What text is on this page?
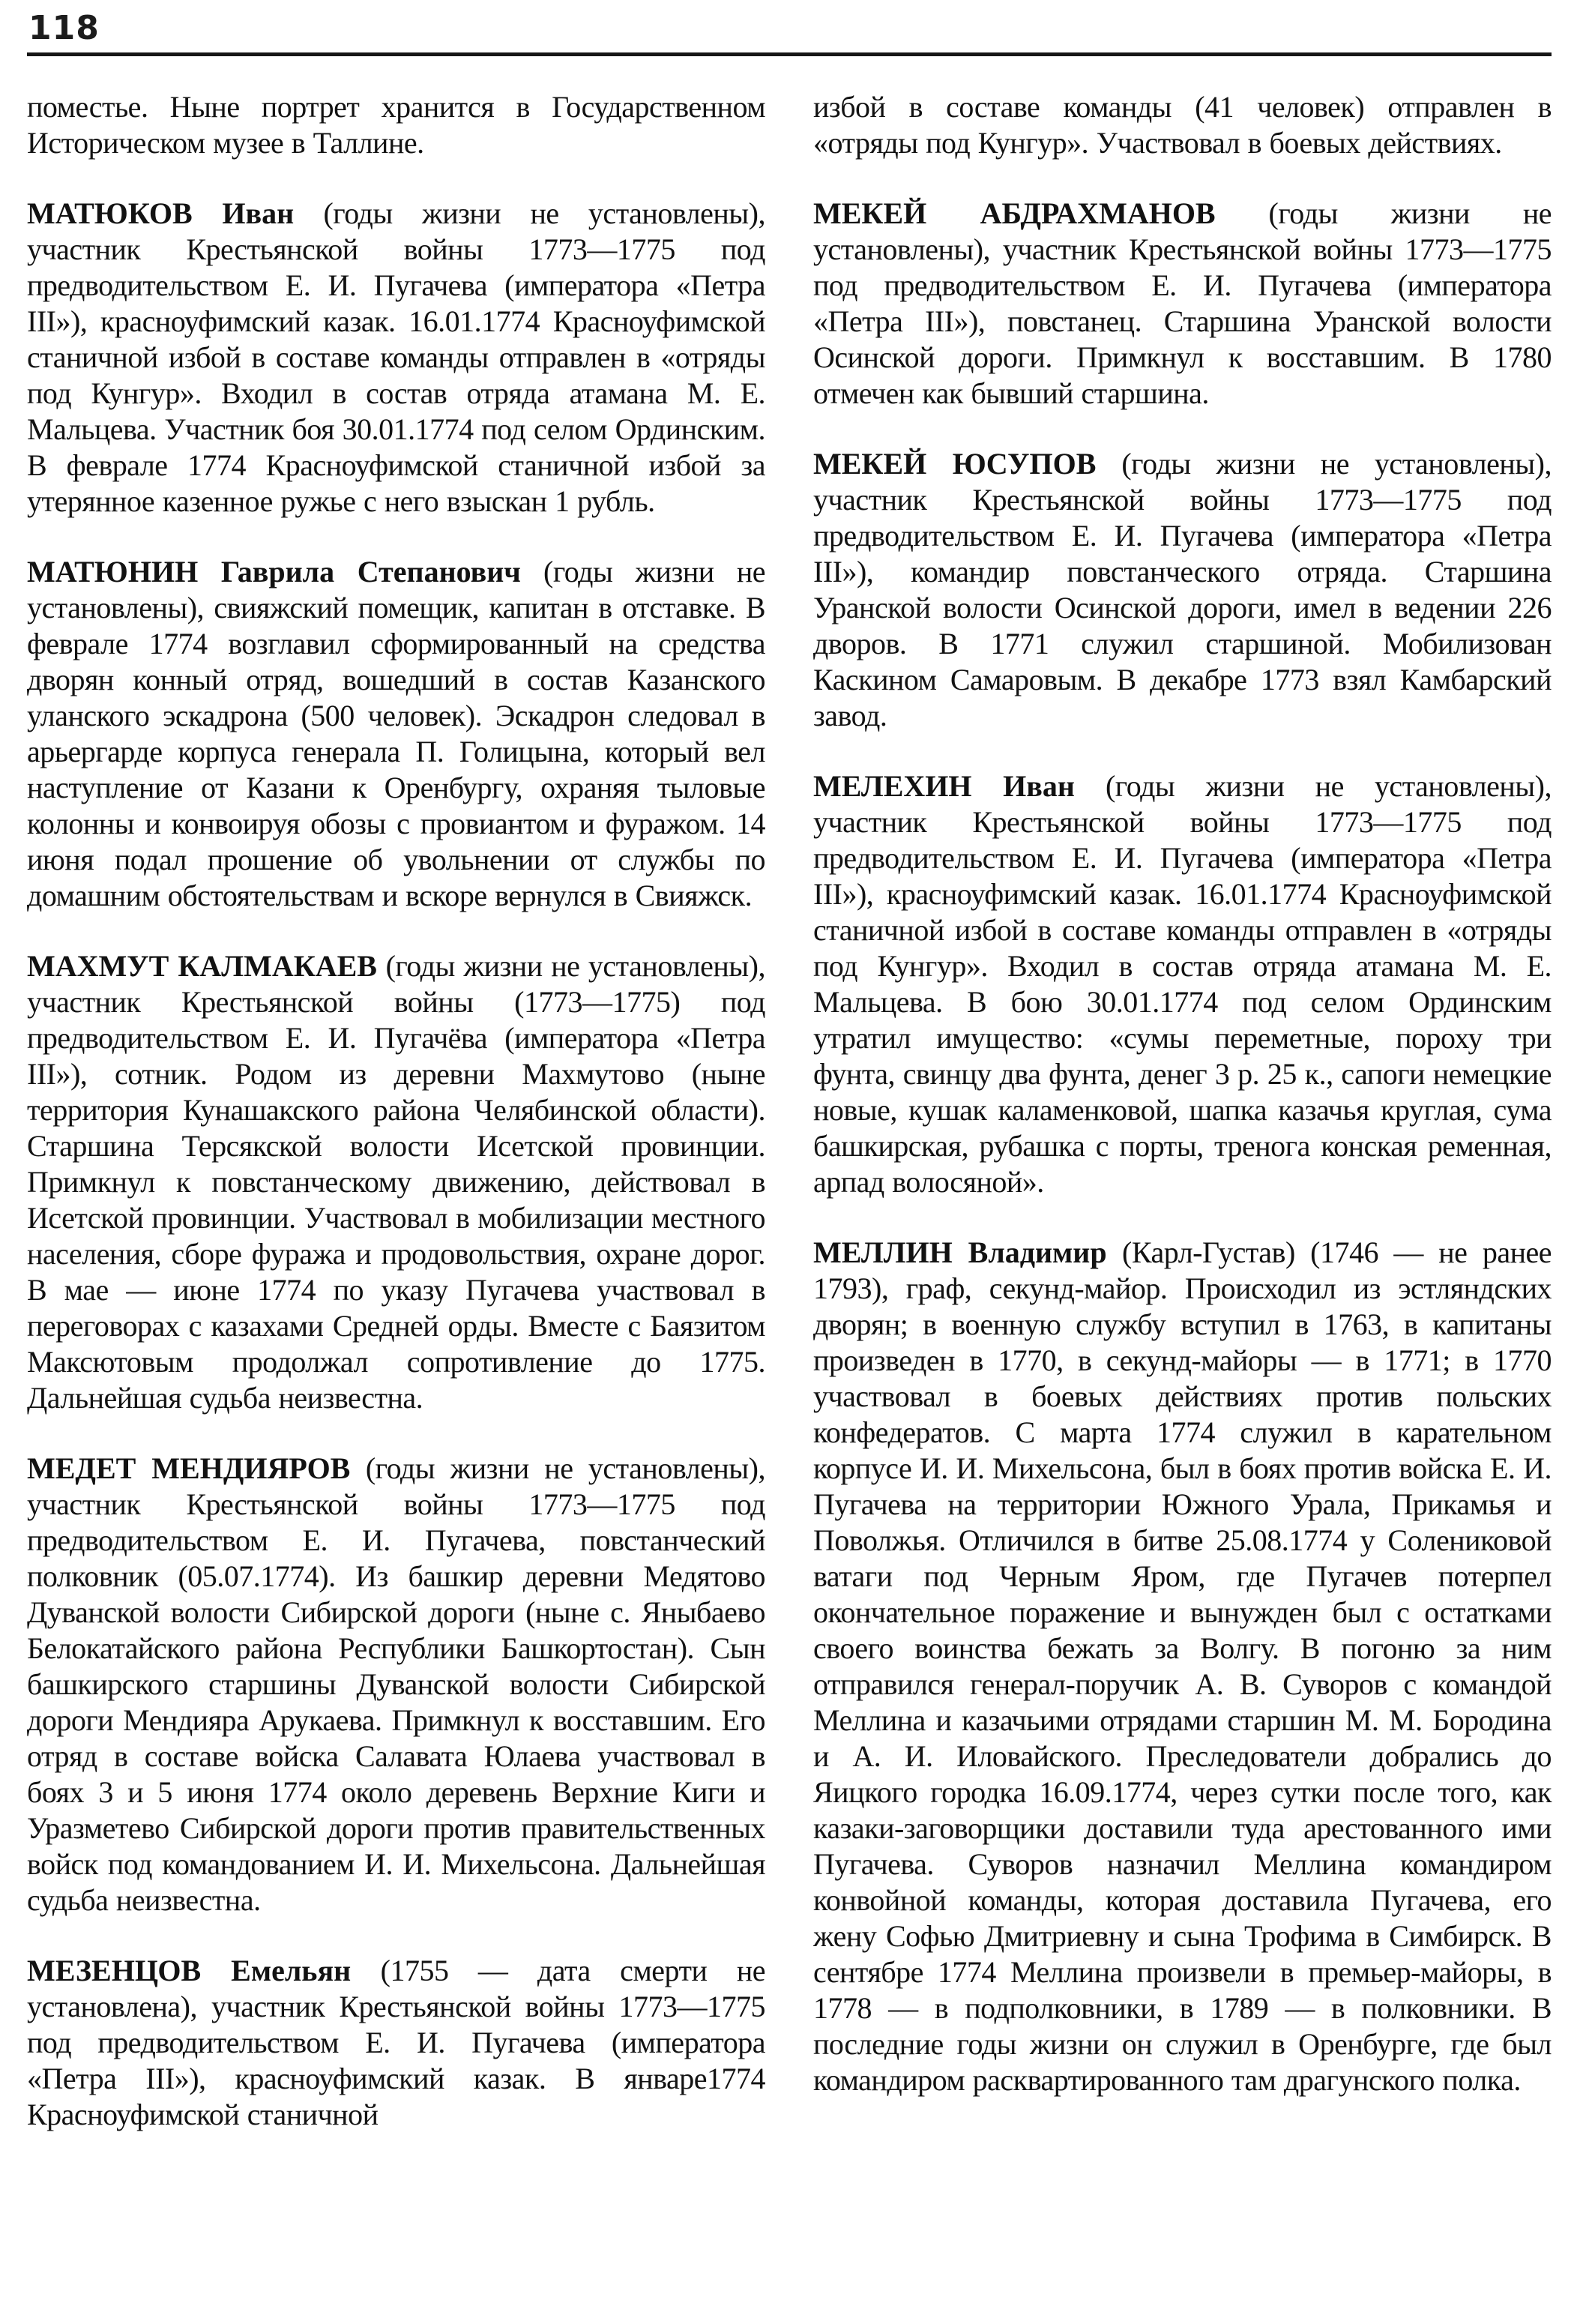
118

поместье. Ныне портрет хранится в Государственном Историческом музее в Таллине.

МАТЮКОВ Иван (годы жизни не установлены), участник Крестьянской войны 1773—1775 под предводительством Е. И. Пугачева (императора «Петра III»), красноуфимский казак. 16.01.1774 Красноуфимской станичной избой в составе команды отправлен в «отряды под Кунгур». Входил в состав отряда атамана М. Е. Мальцева. Участник боя 30.01.1774 под селом Ординским. В феврале 1774 Красноуфимской станичной избой за утерянное казенное ружье с него взыскан 1 рубль.

МАТЮНИН Гаврила Степанович (годы жизни не установлены), свияжский помещик, капитан в отставке. В феврале 1774 возглавил сформированный на средства дворян конный отряд, вошедший в состав Казанского уланского эскадрона (500 человек). Эскадрон следовал в арьергарде корпуса генерала П. Голицына, который вел наступление от Казани к Оренбургу, охраняя тыловые колонны и конвоируя обозы с провиантом и фуражом. 14 июня подал прошение об увольнении от службы по домашним обстоятельствам и вскоре вернулся в Свияжск.

МАХМУТ КАЛМАКАЕВ (годы жизни не установлены), участник Крестьянской войны (1773—1775) под предводительством Е. И. Пугачёва (императора «Петра III»), сотник. Родом из деревни Махмутово (ныне территория Кунашакского района Челябинской области). Старшина Терсякской волости Исетской провинции. Примкнул к повстанческому движению, действовал в Исетской провинции. Участвовал в мобилизации местного населения, сборе фуража и продовольствия, охране дорог. В мае — июне 1774 по указу Пугачева участвовал в переговорах с казахами Средней орды. Вместе с Баязитом Максютовым продолжал сопротивление до 1775. Дальнейшая судьба неизвестна.

МЕДЕТ МЕНДИЯРОВ (годы жизни не установлены), участник Крестьянской войны 1773—1775 под предводительством Е. И. Пугачева, повстанческий полковник (05.07.1774). Из башкир деревни Медятово Дуванской волости Сибирской дороги (ныне с. Яныбаево Белокатайского района Республики Башкортостан). Сын башкирского старшины Дуванской волости Сибирской дороги Мендияра Арукаева. Примкнул к восставшим. Его отряд в составе войска Салавата Юлаева участвовал в боях 3 и 5 июня 1774 около деревень Верхние Киги и Уразметево Сибирской дороги против правительственных войск под командованием И. И. Михельсона. Дальнейшая судьба неизвестна.

МЕЗЕНЦОВ Емельян (1755 — дата смерти не установлена), участник Крестьянской войны 1773—1775 под предводительством Е. И. Пугачева (императора «Петра III»), красноуфимский казак. В январе1774 Красноуфимской станичной

избой в составе команды (41 человек) отправлен в «отряды под Кунгур». Участвовал в боевых действиях.

МЕКЕЙ АБДРАХМАНОВ (годы жизни не установлены), участник Крестьянской войны 1773—1775 под предводительством Е. И. Пугачева (императора «Петра III»), повстанец. Старшина Уранской волости Осинской дороги. Примкнул к восставшим. В 1780 отмечен как бывший старшина.

МЕКЕЙ ЮСУПОВ (годы жизни не установлены), участник Крестьянской войны 1773—1775 под предводительством Е. И. Пугачева (императора «Петра III»), командир повстанческого отряда. Старшина Уранской волости Осинской дороги, имел в ведении 226 дворов. В 1771 служил старшиной. Мобилизован Каскином Самаровым. В декабре 1773 взял Камбарский завод.

МЕЛЕХИН Иван (годы жизни не установлены), участник Крестьянской войны 1773—1775 под предводительством Е. И. Пугачева (императора «Петра III»), красноуфимский казак. 16.01.1774 Красноуфимской станичной избой в составе команды отправлен в «отряды под Кунгур». Входил в состав отряда атамана М. Е. Мальцева. В бою 30.01.1774 под селом Ординским утратил имущество: «сумы переметные, пороху три фунта, свинцу два фунта, денег 3 р. 25 к., сапоги немецкие новые, кушак каламенковой, шапка казачья круглая, сума башкирская, рубашка с порты, тренога конская ременная, арпад волосяной».

МЕЛЛИН Владимир (Карл-Густав) (1746 — не ранее 1793), граф, секунд-майор. Происходил из эстляндских дворян; в военную службу вступил в 1763, в капитаны произведен в 1770, в секунд-майоры — в 1771; в 1770 участвовал в боевых действиях против польских конфедератов. С марта 1774 служил в карательном корпусе И. И. Михельсона, был в боях против войска Е. И. Пугачева на территории Южного Урала, Прикамья и Поволжья. Отличился в битве 25.08.1774 у Солениковой ватаги под Черным Яром, где Пугачев потерпел окончательное поражение и вынужден был с остатками своего воинства бежать за Волгу. В погоню за ним отправился генерал-поручик А. В. Суворов с командой Меллина и казачьими отрядами старшин М. М. Бородина и А. И. Иловайского. Преследователи добрались до Яицкого городка 16.09.1774, через сутки после того, как казаки-заговорщики доставили туда арестованного ими Пугачева. Суворов назначил Меллина командиром конвойной команды, которая доставила Пугачева, его жену Софью Дмитриевну и сына Трофима в Симбирск. В сентябре 1774 Меллина произвели в премьер-майоры, в 1778 — в подполковники, в 1789 — в полковники. В последние годы жизни он служил в Оренбурге, где был командиром расквартированного там драгунского полка.
